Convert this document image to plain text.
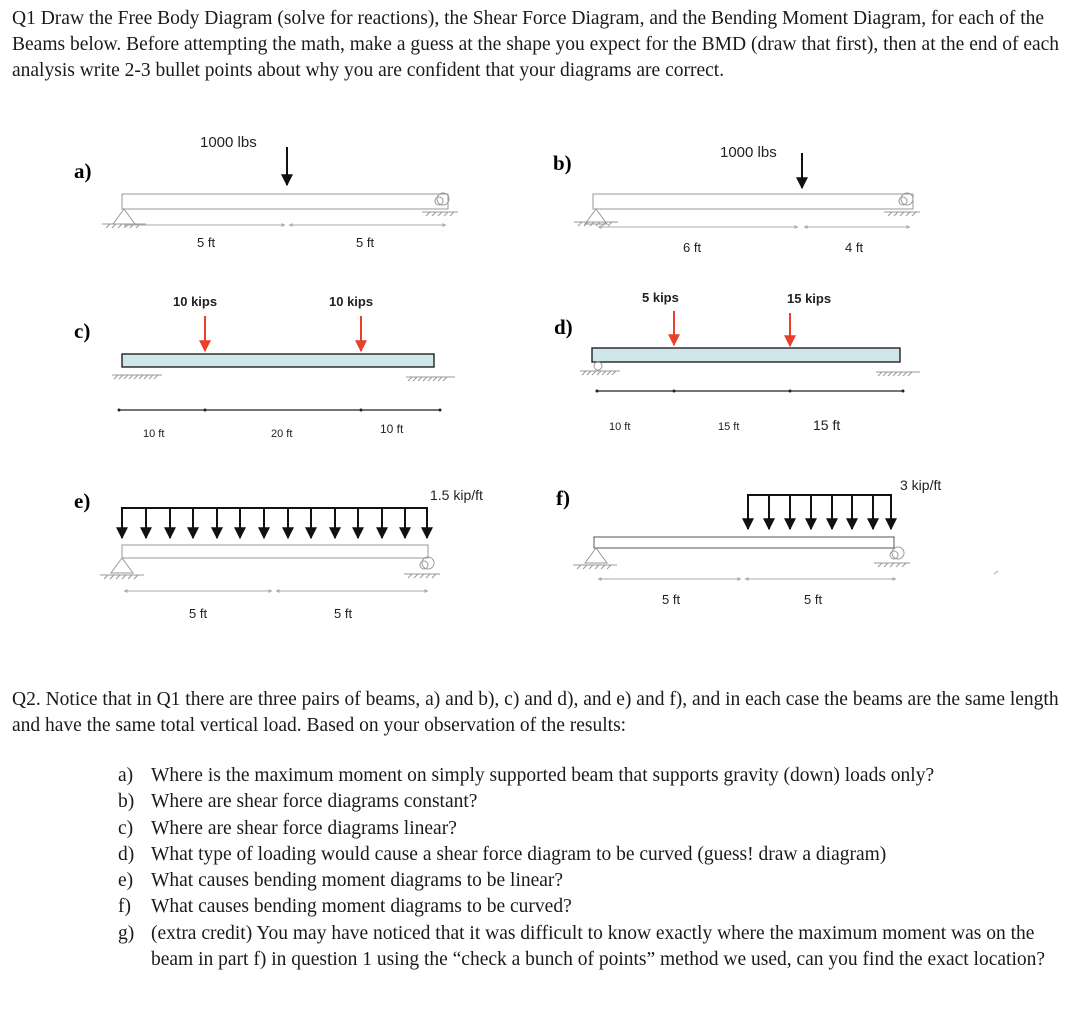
Q1 Draw the Free Body Diagram (solve for reactions), the Shear Force Diagram, and the Bending Moment Diagram, for each of the Beams below. Before attempting the math, make a guess at the shape you expect for the BMD (draw that first), then at the end of each analysis write 2-3 bullet points about why you are confident that your diagrams are correct.

a)
1000 lbs
5 ft	5 ft
b)	1000 lbs
6 ft	4 ft
c)
10 kips	10 kips
10 ft	20 ft	10 ft
d)
5 kips	15 kips
10 ft	15 ft	15 ft
e)	1.5 kip/ft
5 ft	5 ft
f)
3 kip/ft
5 ft	5 ft

Q2. Notice that in Q1 there are three pairs of beams, a) and b), c) and d), and e) and f), and in each case the beams are the same length and have the same total vertical load. Based on your observation of the results:

a) Where is the maximum moment on simply supported beam that supports gravity (down) loads only?
b) Where are shear force diagrams constant?
c) Where are shear force diagrams linear?
d) What type of loading would cause a shear force diagram to be curved (guess! draw a diagram)
e) What causes bending moment diagrams to be linear?
f) What causes bending moment diagrams to be curved?
g) (extra credit) You may have noticed that it was difficult to know exactly where the maximum moment was on the beam in part f) in question 1 using the “check a bunch of points” method we used, can you find the exact location?
